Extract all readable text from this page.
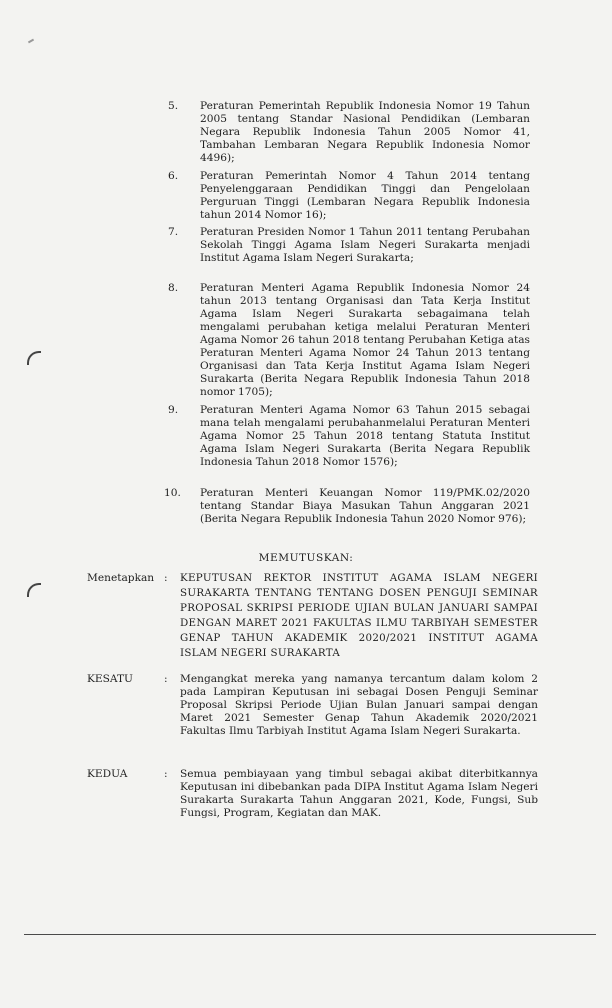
5.	Peraturan Pemerintah Republik Indonesia Nomor 19 Tahun 2005 tentang Standar Nasional Pendidikan (Lembaran Negara Republik Indonesia Tahun 2005 Nomor 41, Tambahan Lembaran Negara Republik Indonesia Nomor 4496);
6.	Peraturan Pemerintah Nomor 4 Tahun 2014 tentang Penyelenggaraan Pendidikan Tinggi dan Pengelolaan Perguruan Tinggi (Lembaran Negara Republik Indonesia tahun 2014 Nomor 16);
7.	Peraturan Presiden Nomor 1 Tahun 2011 tentang Perubahan Sekolah Tinggi Agama Islam Negeri Surakarta menjadi Institut Agama Islam Negeri Surakarta;
8.	Peraturan Menteri Agama Republik Indonesia Nomor 24 tahun 2013 tentang Organisasi dan Tata Kerja Institut Agama Islam Negeri Surakarta sebagaimana telah mengalami perubahan ketiga melalui Peraturan Menteri Agama Nomor 26 tahun 2018 tentang Perubahan Ketiga atas Peraturan Menteri Agama Nomor 24 Tahun 2013 tentang Organisasi dan Tata Kerja Institut Agama Islam Negeri Surakarta (Berita Negara Republik Indonesia Tahun 2018 nomor 1705);
9.	Peraturan Menteri Agama Nomor 63 Tahun 2015 sebagai mana telah mengalami perubahanmelalui Peraturan Menteri Agama Nomor 25 Tahun 2018 tentang Statuta Institut Agama Islam Negeri Surakarta (Berita Negara Republik Indonesia Tahun 2018 Nomor 1576);
10.	Peraturan Menteri Keuangan Nomor 119/PMK.02/2020 tentang Standar Biaya Masukan Tahun Anggaran 2021 (Berita Negara Republik Indonesia Tahun 2020 Nomor 976);
MEMUTUSKAN:
Menetapkan : KEPUTUSAN REKTOR INSTITUT AGAMA ISLAM NEGERI SURAKARTA TENTANG TENTANG DOSEN PENGUJI SEMINAR PROPOSAL SKRIPSI PERIODE UJIAN BULAN JANUARI SAMPAI DENGAN MARET 2021 FAKULTAS ILMU TARBIYAH SEMESTER GENAP TAHUN AKADEMIK 2020/2021 INSTITUT AGAMA ISLAM NEGERI SURAKARTA
KESATU	: Mengangkat mereka yang namanya tercantum dalam kolom 2 pada Lampiran Keputusan ini sebagai Dosen Penguji Seminar Proposal Skripsi Periode Ujian Bulan Januari sampai dengan Maret 2021 Semester Genap Tahun Akademik 2020/2021 Fakultas Ilmu Tarbiyah Institut Agama Islam Negeri Surakarta.
KEDUA	: Semua pembiayaan yang timbul sebagai akibat diterbitkannya Keputusan ini dibebankan pada DIPA Institut Agama Islam Negeri Surakarta Surakarta Tahun Anggaran 2021, Kode, Fungsi, Sub Fungsi, Program, Kegiatan dan MAK.
